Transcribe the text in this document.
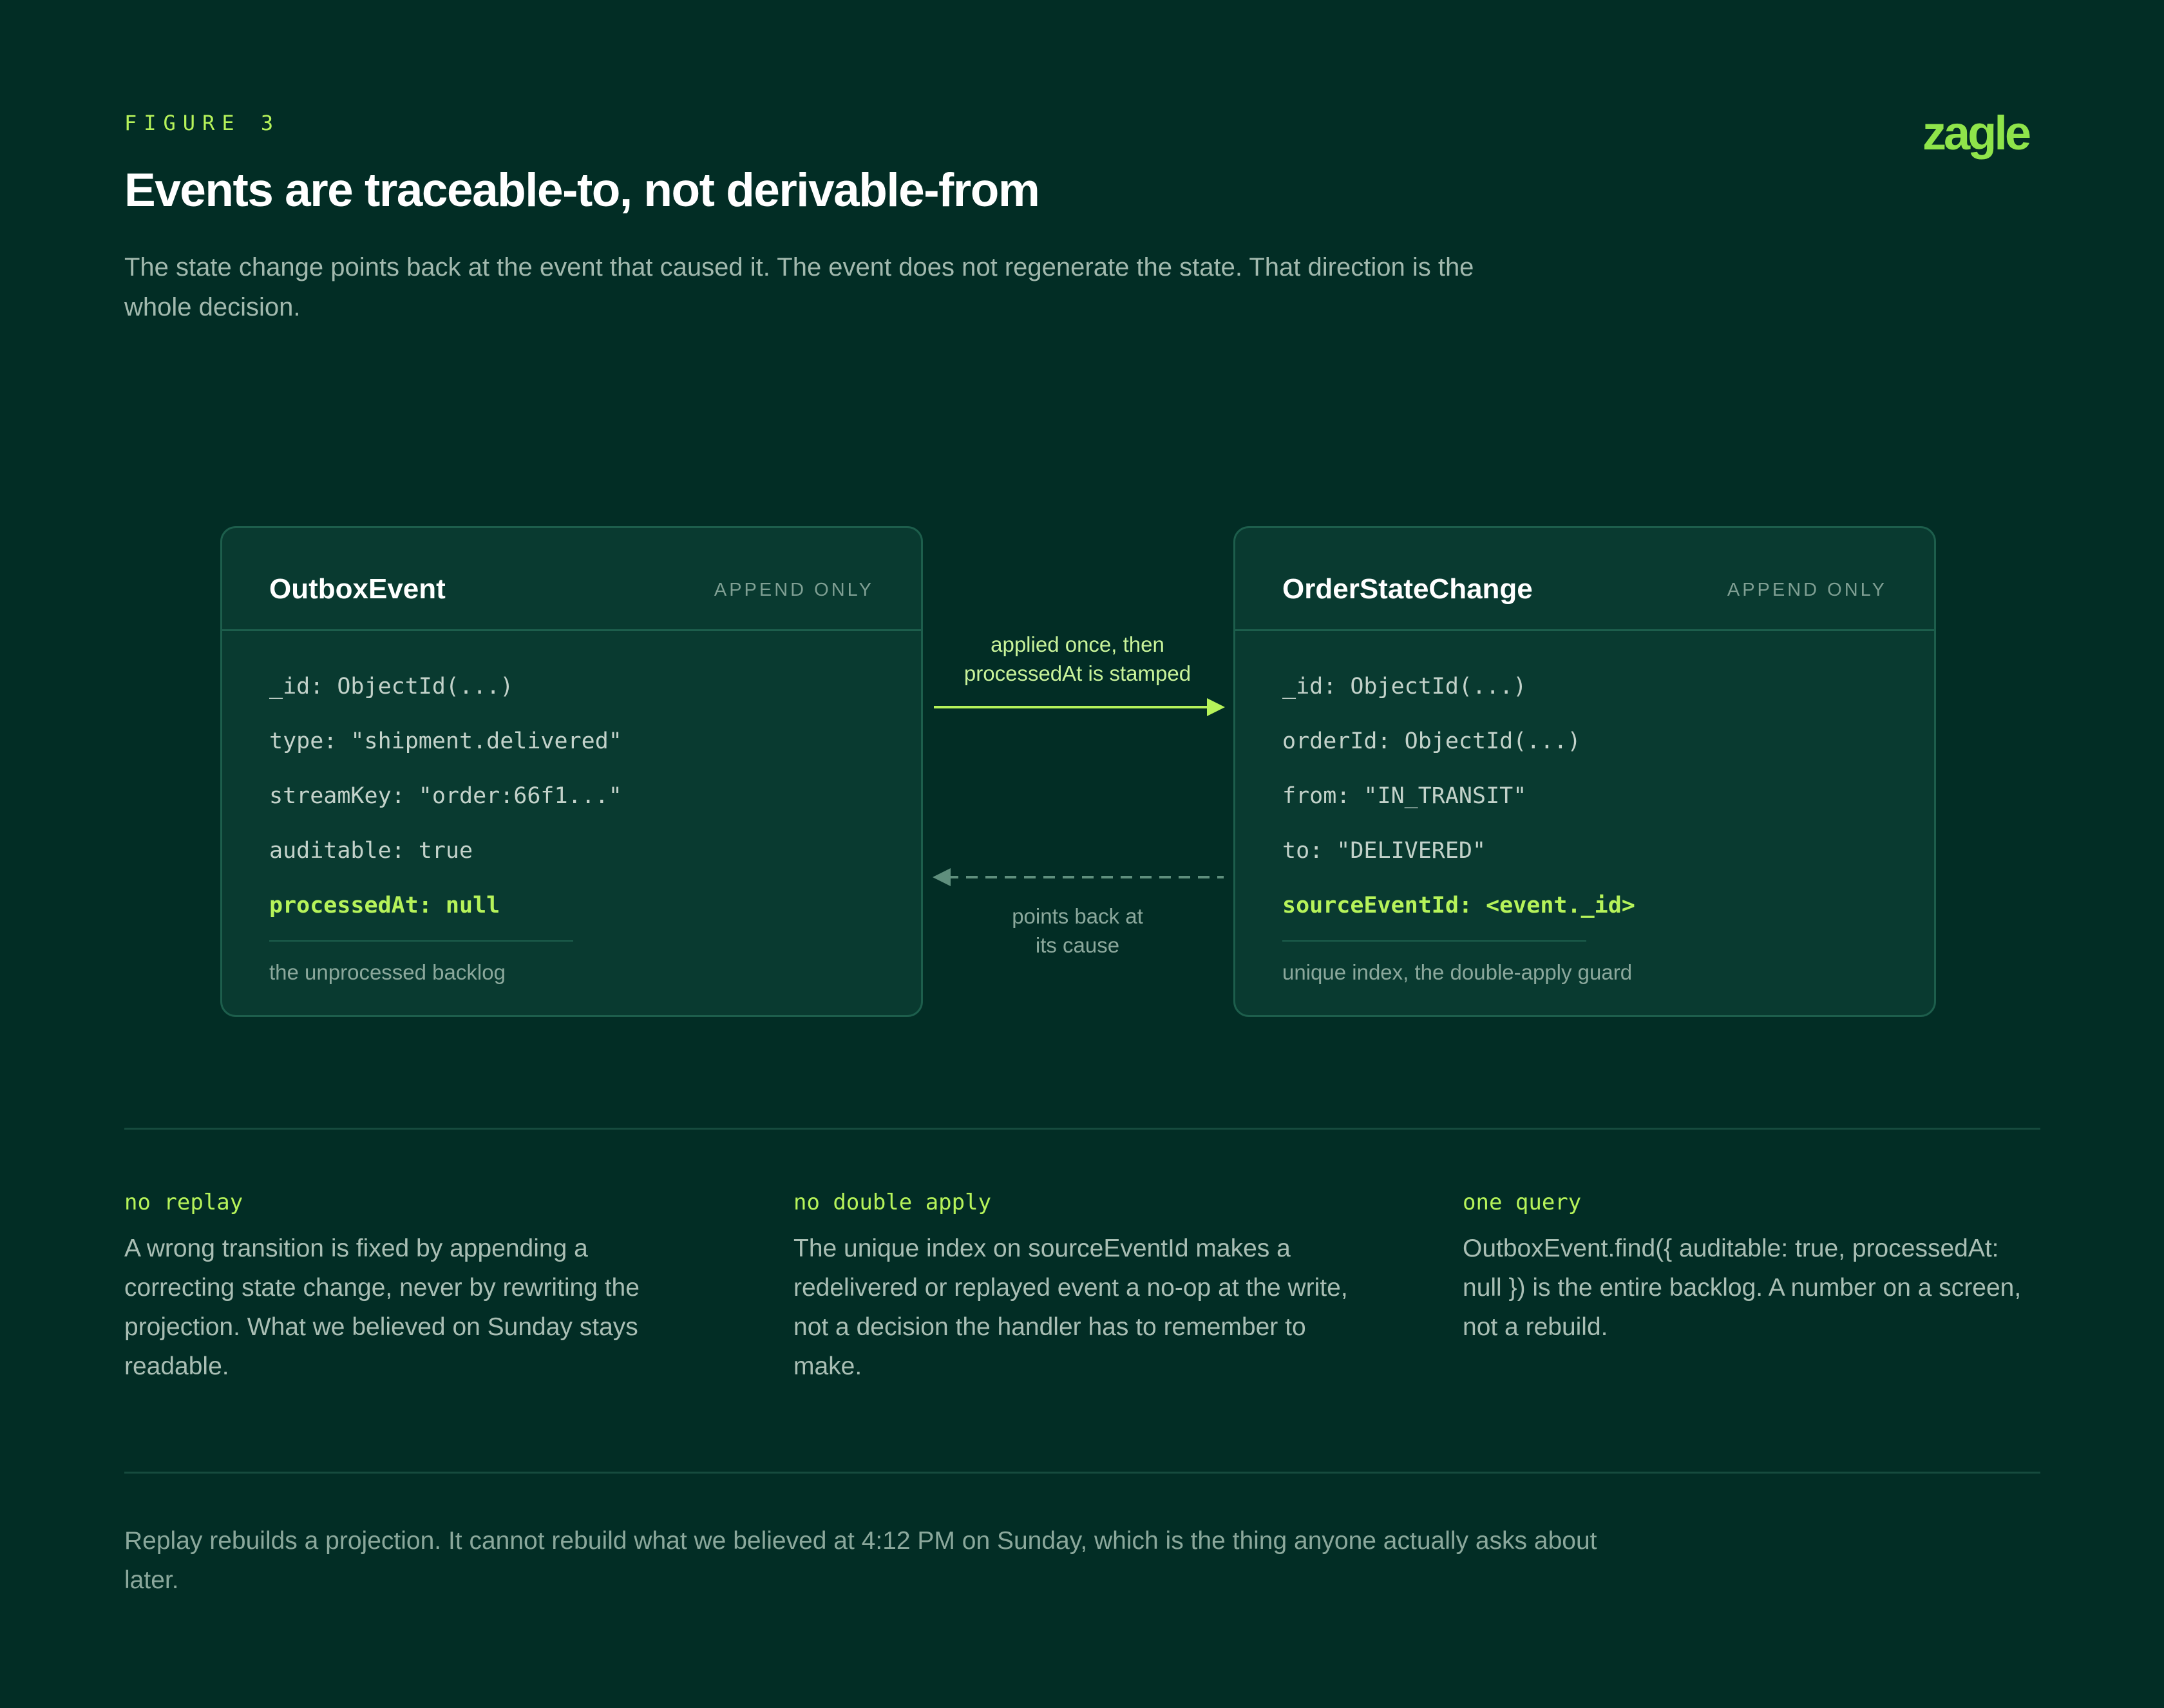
FIGURE 3	zagle
Events are traceable-to, not derivable-from

The state change points back at the event that caused it. The event does not regenerate the state. That direction is the whole decision.

OutboxEvent	APPEND ONLY
_id: ObjectId(...)
type: "shipment.delivered"
streamKey: "order:66f1..."
auditable: true
processedAt: null
the unprocessed backlog
OrderStateChange	APPEND ONLY
_id: ObjectId(...)
orderId: ObjectId(...)
from: "IN_TRANSIT"
to: "DELIVERED"
sourceEventId: <event._id>
unique index, the double-apply guard
applied once, then
processedAt is stamped
points back at
its cause
no replay

A wrong transition is fixed by appending a correcting state change, never by rewriting the projection. What we believed on Sunday stays readable.

no double apply

The unique index on sourceEventId makes a redelivered or replayed event a no-op at the write, not a decision the handler has to remember to make.

one query

OutboxEvent.find({ auditable: true, processedAt: null }) is the entire backlog. A number on a screen, not a rebuild.

Replay rebuilds a projection. It cannot rebuild what we believed at 4:12 PM on Sunday, which is the thing anyone actually asks about later.
